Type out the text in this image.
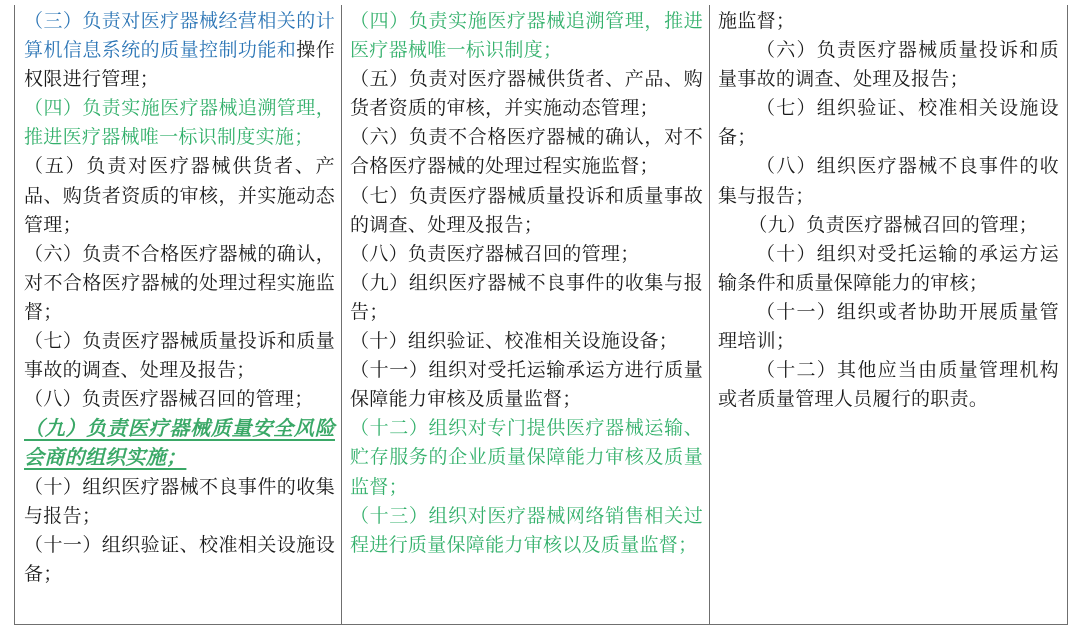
（三）负责对医疗器械经营相关的计算机信息系统的质量控制功能和操作权限进行管理；

（四）负责实施医疗器械追溯管理，推进医疗器械唯一标识制度实施；

（五）负责对医疗器械供货者、产品、购货者资质的审核，并实施动态管理；

（六）负责不合格医疗器械的确认，对不合格医疗器械的处理过程实施监督；

（七）负责医疗器械质量投诉和质量事故的调查、处理及报告；

（八）负责医疗器械召回的管理；

（九）负责医疗器械质量安全风险会商的组织实施；

（十）组织医疗器械不良事件的收集与报告；

（十一）组织验证、校准相关设施设备；

（四）负责实施医疗器械追溯管理，推进医疗器械唯一标识制度；

（五）负责对医疗器械供货者、产品、购货者资质的审核，并实施动态管理；

（六）负责不合格医疗器械的确认，对不合格医疗器械的处理过程实施监督；

（七）负责医疗器械质量投诉和质量事故的调查、处理及报告；

（八）负责医疗器械召回的管理；

（九）组织医疗器械不良事件的收集与报告；

（十）组织验证、校准相关设施设备；

（十一）组织对受托运输承运方进行质量保障能力审核及质量监督；

（十二）组织对专门提供医疗器械运输、贮存服务的企业质量保障能力审核及质量监督；

（十三）组织对医疗器械网络销售相关过程进行质量保障能力审核以及质量监督；

施监督；

（六）负责医疗器械质量投诉和质量事故的调查、处理及报告；

（七）组织验证、校准相关设施设备；

（八）组织医疗器械不良事件的收集与报告；

（九）负责医疗器械召回的管理；

（十）组织对受托运输的承运方运输条件和质量保障能力的审核；

（十一）组织或者协助开展质量管理培训；

（十二）其他应当由质量管理机构或者质量管理人员履行的职责。
